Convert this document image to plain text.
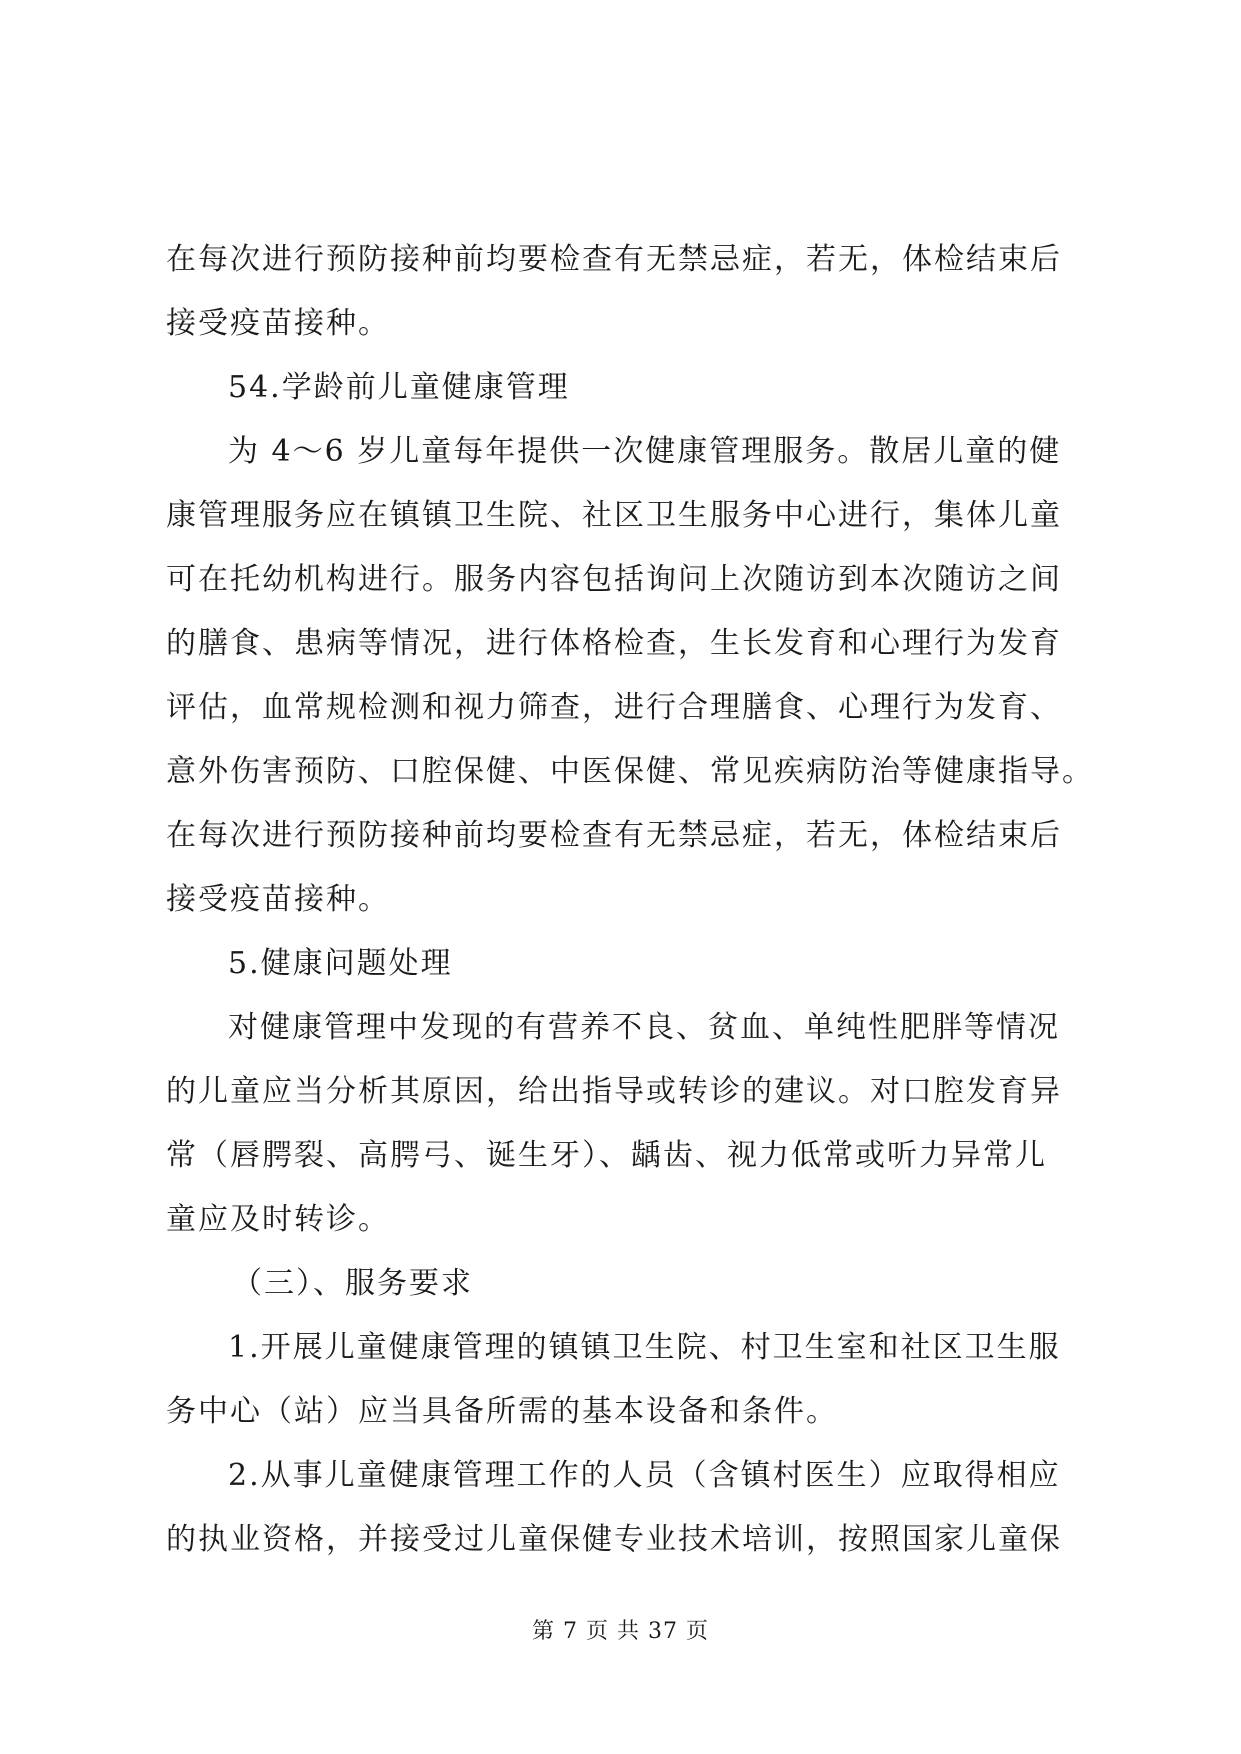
在每次进行预防接种前均要检查有无禁忌症，若无，体检结束后
接受疫苗接种。
54.学龄前儿童健康管理
为 4～6 岁儿童每年提供一次健康管理服务。散居儿童的健
康管理服务应在镇镇卫生院、社区卫生服务中心进行，集体儿童
可在托幼机构进行。服务内容包括询问上次随访到本次随访之间
的膳食、患病等情况，进行体格检查，生长发育和心理行为发育
评估，血常规检测和视力筛查，进行合理膳食、心理行为发育、
意外伤害预防、口腔保健、中医保健、常见疾病防治等健康指导。
在每次进行预防接种前均要检查有无禁忌症，若无，体检结束后
接受疫苗接种。
5.健康问题处理
对健康管理中发现的有营养不良、贫血、单纯性肥胖等情况
的儿童应当分析其原因，给出指导或转诊的建议。对口腔发育异
常（唇腭裂、高腭弓、诞生牙）、龋齿、视力低常或听力异常儿
童应及时转诊。
（三）、服务要求
1.开展儿童健康管理的镇镇卫生院、村卫生室和社区卫生服
务中心（站）应当具备所需的基本设备和条件。
2.从事儿童健康管理工作的人员（含镇村医生）应取得相应
的执业资格，并接受过儿童保健专业技术培训，按照国家儿童保
第 7 页 共 37 页
